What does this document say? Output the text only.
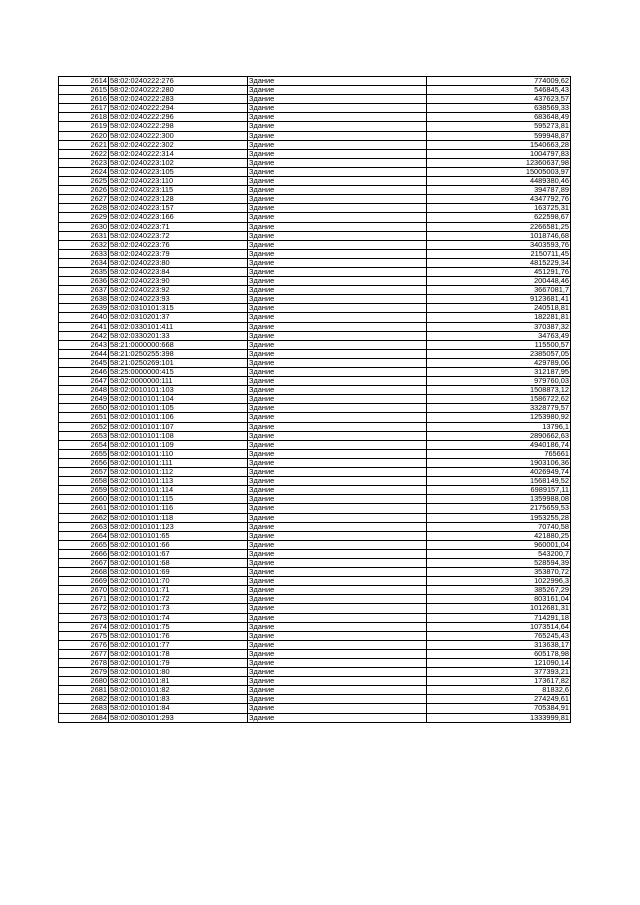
2614	58:02:0240222:276	Здание	774009,62
2615	58:02:0240222:280	Здание	546845,43
2616	58:02:0240222:283	Здание	437623,57
2617	58:02:0240222:294	Здание	638569,33
2618	58:02:0240222:296	Здание	683648,49
2619	58:02:0240222:298	Здание	595273,81
2620	58:02:0240222:300	Здание	599948,87
2621	58:02:0240222:302	Здание	1540663,28
2622	58:02:0240222:314	Здание	1004797,83
2623	58:02:0240223:102	Здание	12360637,98
2624	58:02:0240223:105	Здание	15005003,97
2625	58:02:0240223:110	Здание	4489380,46
2626	58:02:0240223:115	Здание	394787,89
2627	58:02:0240223:128	Здание	4347792,76
2628	58:02:0240223:157	Здание	163725,31
2629	58:02:0240223:166	Здание	622598,67
2630	58:02:0240223:71	Здание	2266581,25
2631	58:02:0240223:72	Здание	1018746,68
2632	58:02:0240223:76	Здание	3403593,76
2633	58:02:0240223:79	Здание	2150711,45
2634	58:02:0240223:80	Здание	4815229,34
2635	58:02:0240223:84	Здание	451291,76
2636	58:02:0240223:90	Здание	200448,46
2637	58:02:0240223:92	Здание	3667081,7
2638	58:02:0240223:93	Здание	9123681,41
2639	58:02:0310101:315	Здание	240518,81
2640	58:02:0310201:37	Здание	182281,81
2641	58:02:0330101:411	Здание	370387,32
2642	58:02:0330201:33	Здание	34763,49
2643	58:21:0000000:668	Здание	115500,57
2644	58:21:0250255:398	Здание	2385057,05
2645	58:21:0250269:101	Здание	429789,06
2646	58:25:0000000:415	Здание	312187,95
2647	58:02:0000000:111	Здание	979760,03
2648	58:02:0010101:103	Здание	1508873,12
2649	58:02:0010101:104	Здание	1586722,62
2650	58:02:0010101:105	Здание	3328779,57
2651	58:02:0010101:106	Здание	1253980,92
2652	58:02:0010101:107	Здание	13796,1
2653	58:02:0010101:108	Здание	2890662,63
2654	58:02:0010101:109	Здание	4940186,74
2655	58:02:0010101:110	Здание	765661
2656	58:02:0010101:111	Здание	1903106,36
2657	58:02:0010101:112	Здание	4026949,74
2658	58:02:0010101:113	Здание	1568149,52
2659	58:02:0010101:114	Здание	6989157,11
2660	58:02:0010101:115	Здание	1359988,08
2661	58:02:0010101:116	Здание	2175659,53
2662	58:02:0010101:118	Здание	1953255,28
2663	58:02:0010101:123	Здание	70740,58
2664	58:02:0010101:65	Здание	421880,25
2665	58:02:0010101:66	Здание	960001,04
2666	58:02:0010101:67	Здание	543200,7
2667	58:02:0010101:68	Здание	528594,39
2668	58:02:0010101:69	Здание	353870,72
2669	58:02:0010101:70	Здание	1022996,3
2670	58:02:0010101:71	Здание	385267,29
2671	58:02:0010101:72	Здание	803161,04
2672	58:02:0010101:73	Здание	1012681,31
2673	58:02:0010101:74	Здание	714291,18
2674	58:02:0010101:75	Здание	1073514,64
2675	58:02:0010101:76	Здание	765245,43
2676	58:02:0010101:77	Здание	313638,17
2677	58:02:0010101:78	Здание	605178,98
2678	58:02:0010101:79	Здание	121090,14
2679	58:02:0010101:80	Здание	377393,21
2680	58:02:0010101:81	Здание	173617,82
2681	58:02:0010101:82	Здание	81832,6
2682	58:02:0010101:83	Здание	274249,61
2683	58:02:0010101:84	Здание	705384,91
2684	58:02:0030101:293	Здание	1333999,81
